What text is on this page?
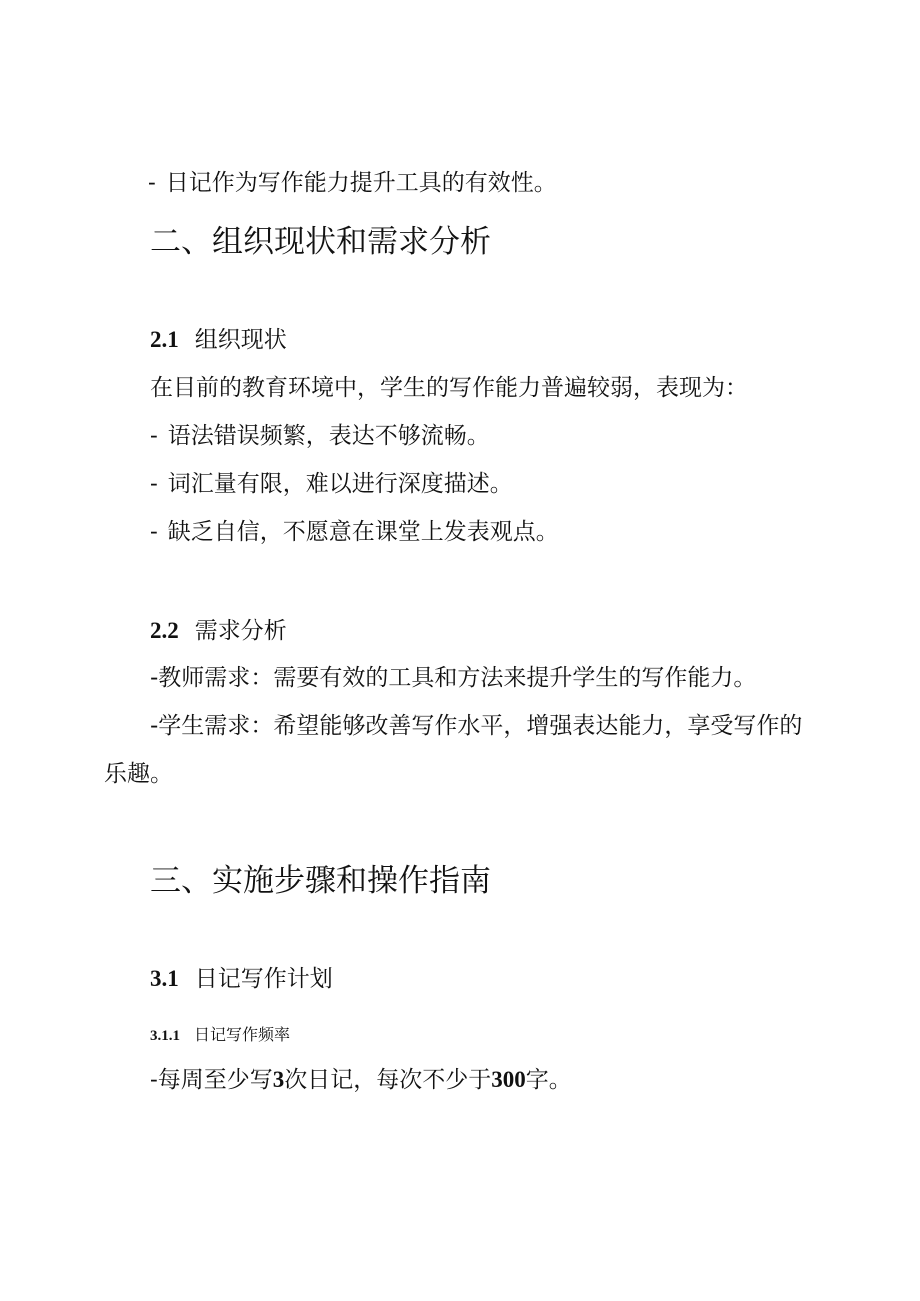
- 日记作为写作能力提升工具的有效性。
二、组织现状和需求分析
2.1 组织现状
在目前的教育环境中，学生的写作能力普遍较弱，表现为：
- 语法错误频繁，表达不够流畅。
- 词汇量有限，难以进行深度描述。
- 缺乏自信，不愿意在课堂上发表观点。
2.2 需求分析
-教师需求：需要有效的工具和方法来提升学生的写作能力。
-学生需求：希望能够改善写作水平，增强表达能力，享受写作的
乐趣。
三、实施步骤和操作指南
3.1 日记写作计划
3.1.1 日记写作频率
-每周至少写3次日记，每次不少于300字。
